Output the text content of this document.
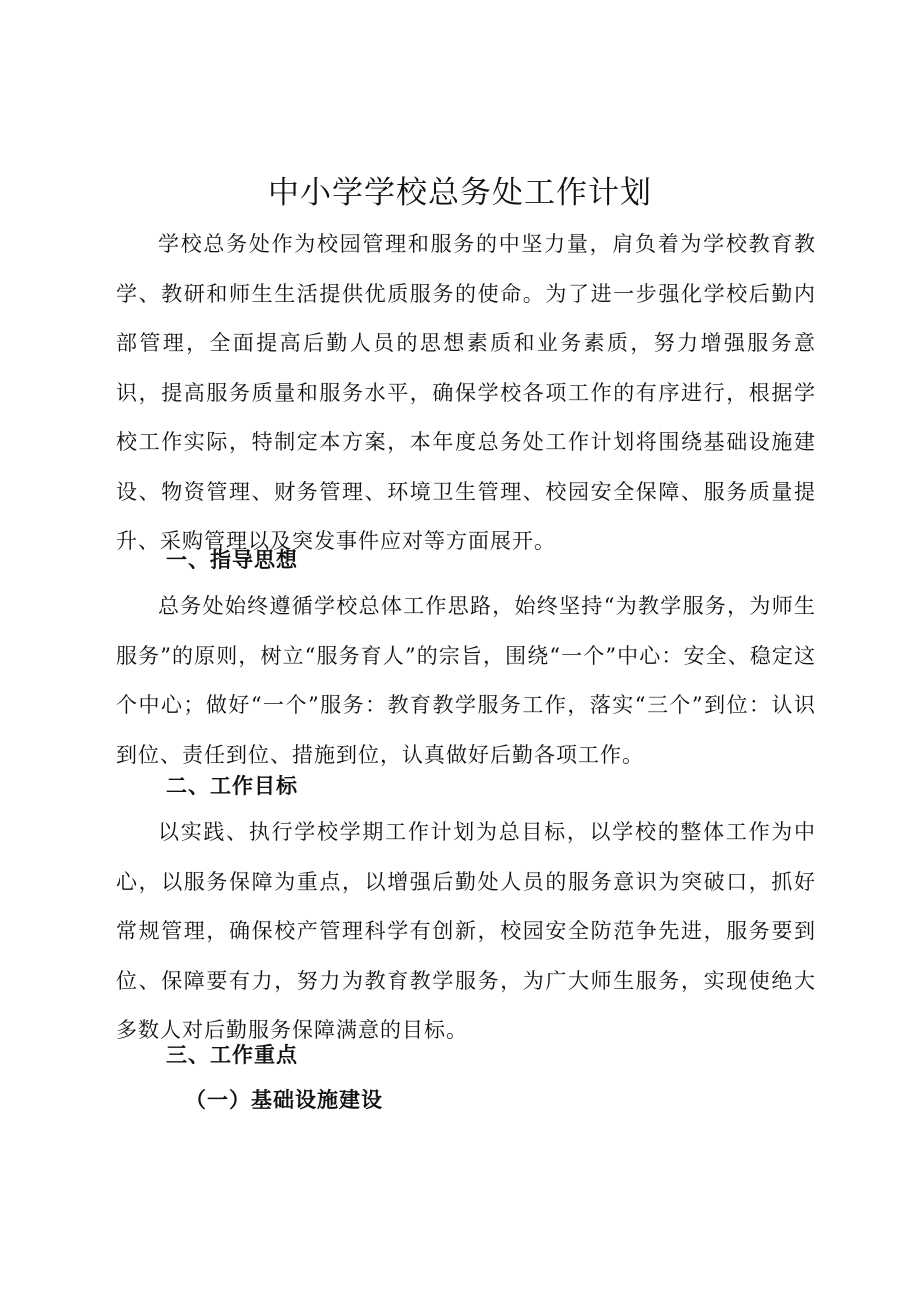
中小学学校总务处工作计划

学校总务处作为校园管理和服务的中坚力量，肩负着为学校教育教学、教研和师生生活提供优质服务的使命。为了进一步强化学校后勤内部管理，全面提高后勤人员的思想素质和业务素质，努力增强服务意识，提高服务质量和服务水平，确保学校各项工作的有序进行，根据学校工作实际，特制定本方案，本年度总务处工作计划将围绕基础设施建设、物资管理、财务管理、环境卫生管理、校园安全保障、服务质量提升、采购管理以及突发事件应对等方面展开。

一、指导思想

总务处始终遵循学校总体工作思路，始终坚持“为教学服务，为师生服务”的原则，树立“服务育人”的宗旨，围绕“一个”中心：安全、稳定这个中心；做好“一个”服务：教育教学服务工作，落实“三个”到位：认识到位、责任到位、措施到位，认真做好后勤各项工作。

二、工作目标

以实践、执行学校学期工作计划为总目标，以学校的整体工作为中心，以服务保障为重点，以增强后勤处人员的服务意识为突破口，抓好常规管理，确保校产管理科学有创新，校园安全防范争先进，服务要到位、保障要有力，努力为教育教学服务，为广大师生服务，实现使绝大多数人对后勤服务保障满意的目标。

三、工作重点
（一）基础设施建设
